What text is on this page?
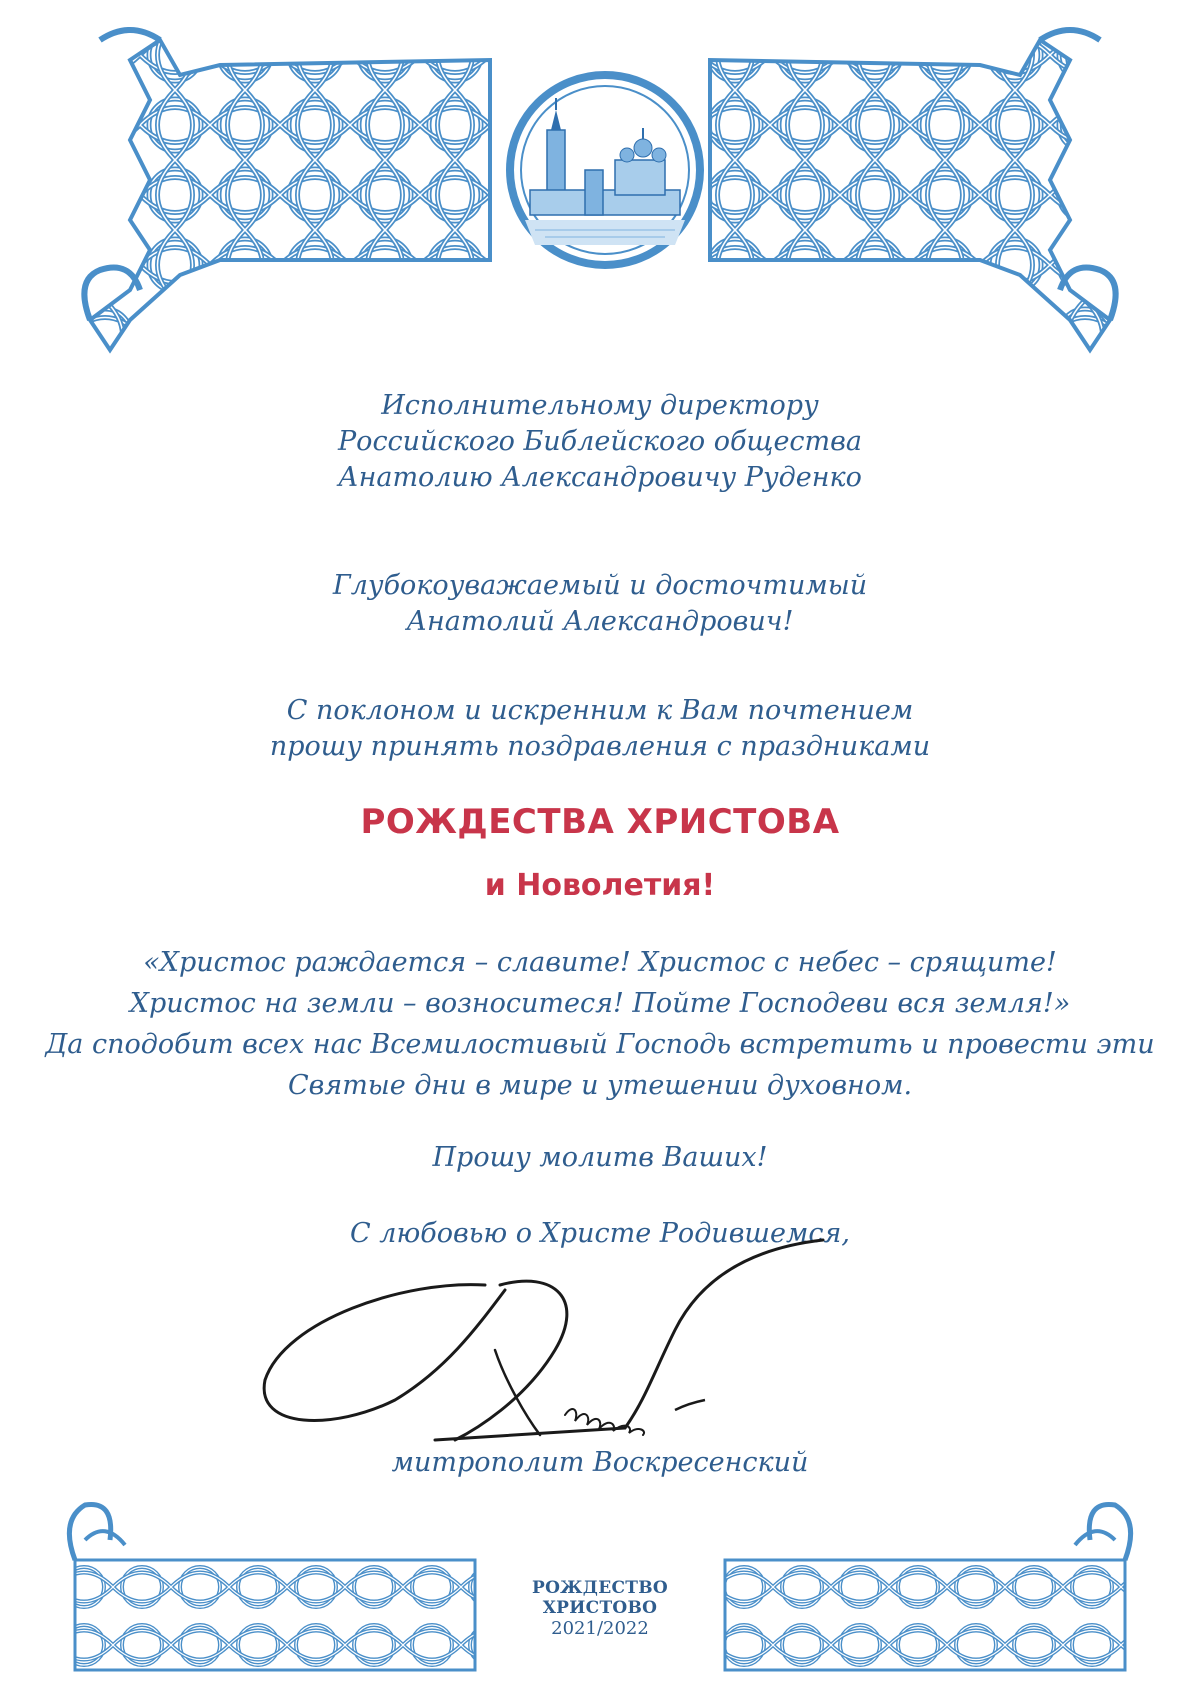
Исполнительному директору
Российского Библейского общества
Анатолию Александровичу Руденко
Глубокоуважаемый и досточтимый
Анатолий Александрович!
С поклоном и искренним к Вам почтением
прошу принять поздравления с праздниками
РОЖДЕСТВА ХРИСТОВА
и Новолетия!
«Христос раждается – славите! Христос с небес – срящите!
Христос на земли – возноситеся! Пойте Господеви вся земля!»
Да сподобит всех нас Всемилостивый Господь встретить и провести эти
Святые дни в мире и утешении духовном.
Прошу молитв Ваших!
С любовью о Христе Родившемся,
митрополит Воскресенский
РОЖДЕСТВО ХРИСТОВО
2021/2022
